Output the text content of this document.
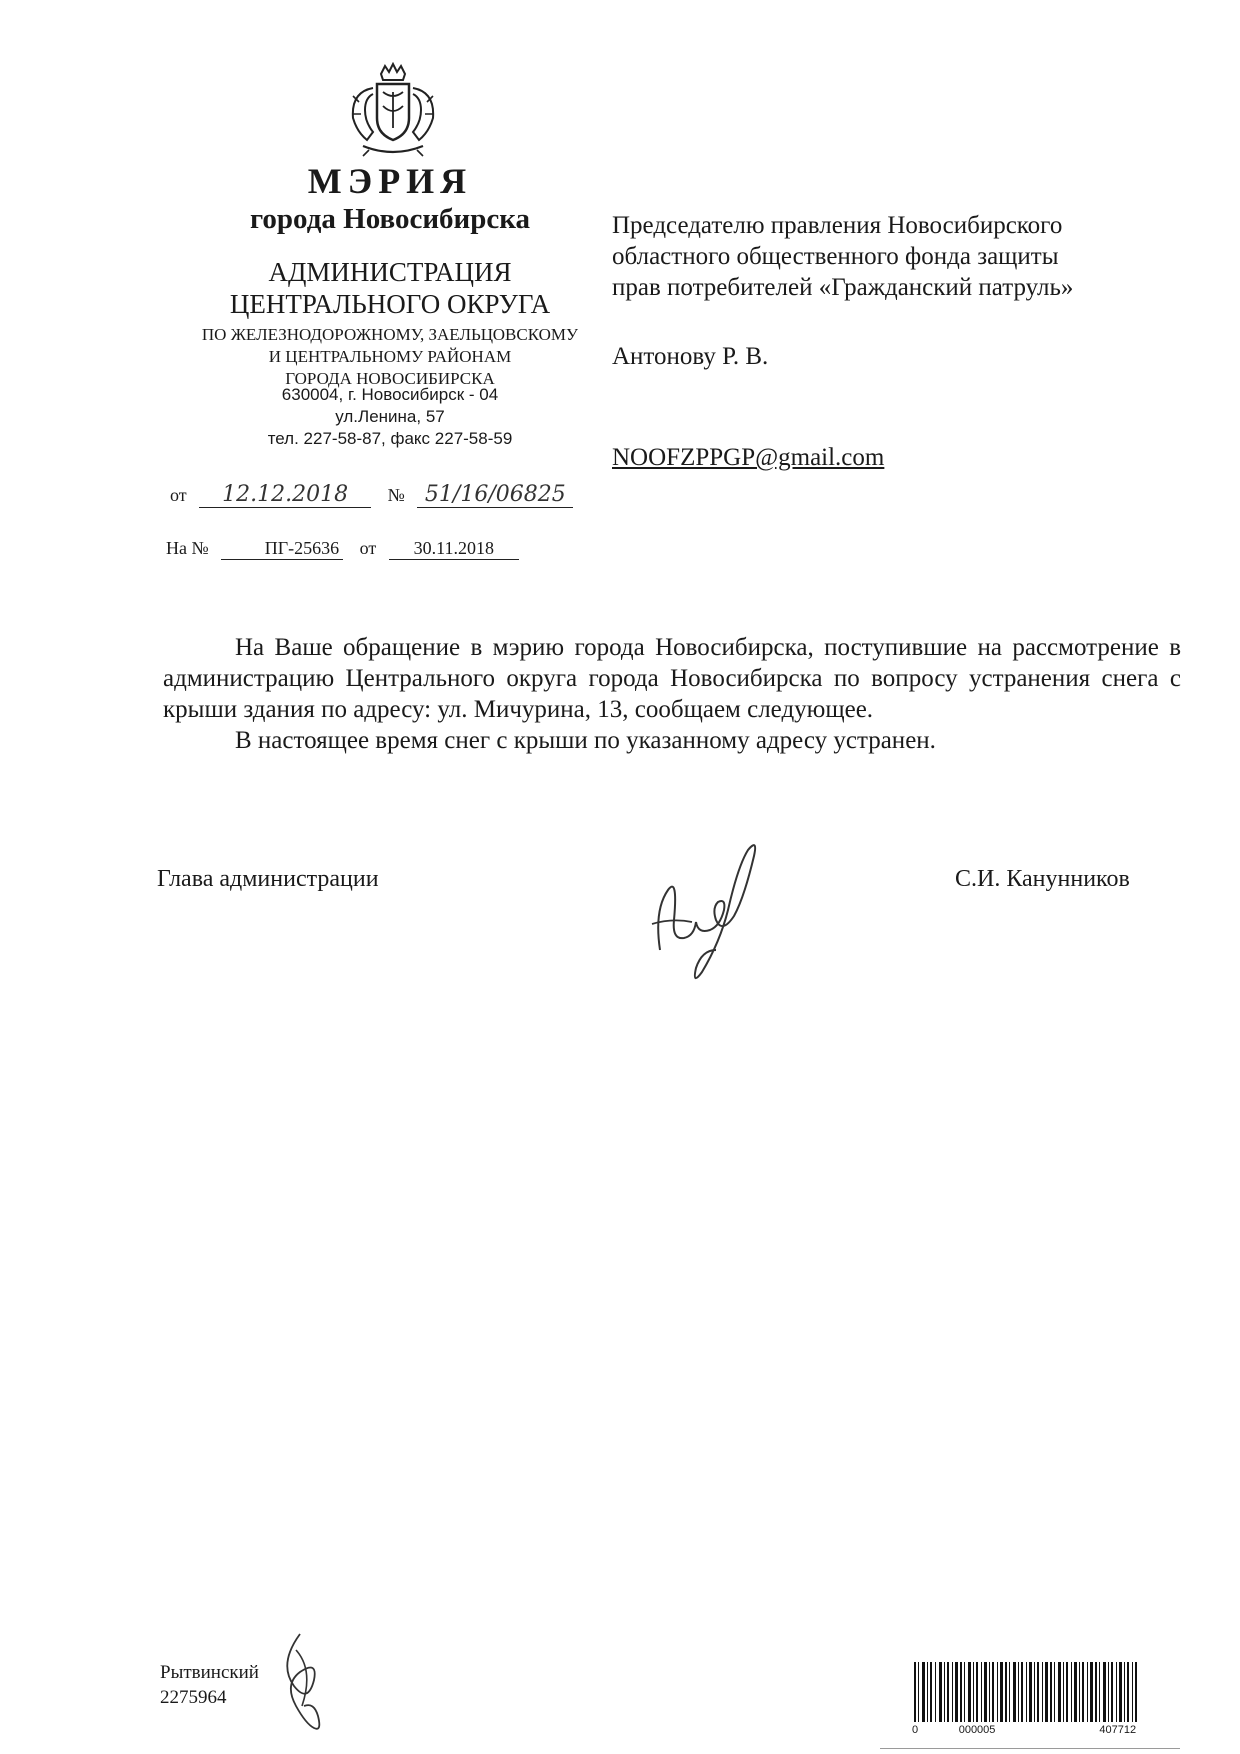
МЭРИЯ
города Новосибирска
АДМИНИСТРАЦИЯ
ЦЕНТРАЛЬНОГО ОКРУГА
ПО ЖЕЛЕЗНОДОРОЖНОМУ, ЗАЕЛЬЦОВСКОМУ
И ЦЕНТРАЛЬНОМУ РАЙОНАМ
ГОРОДА НОВОСИБИРСКА
630004, г. Новосибирск - 04
ул.Ленина, 57
тел. 227-58-87, факс 227-58-59
от 12.12.2018 № 51/16/06825
На №	ПГ-25636 от 30.11.2018
Председателю правления Новосибирского
областного общественного фонда защиты
прав потребителей «Гражданский патруль»
Антонову Р. В.
NOOFZPPGP@gmail.com

На Ваше обращение в мэрию города Новосибирска, поступившие на рассмотрение в администрацию Центрального округа города Новосибирска по вопросу устранения снега с крыши здания по адресу: ул. Мичурина, 13, сообщаем следующее.

В настоящее время снег с крыши по указанному адресу устранен.

Глава администрации	С.И. Канунников
Рытвинский
2275964
0	000005	407712
